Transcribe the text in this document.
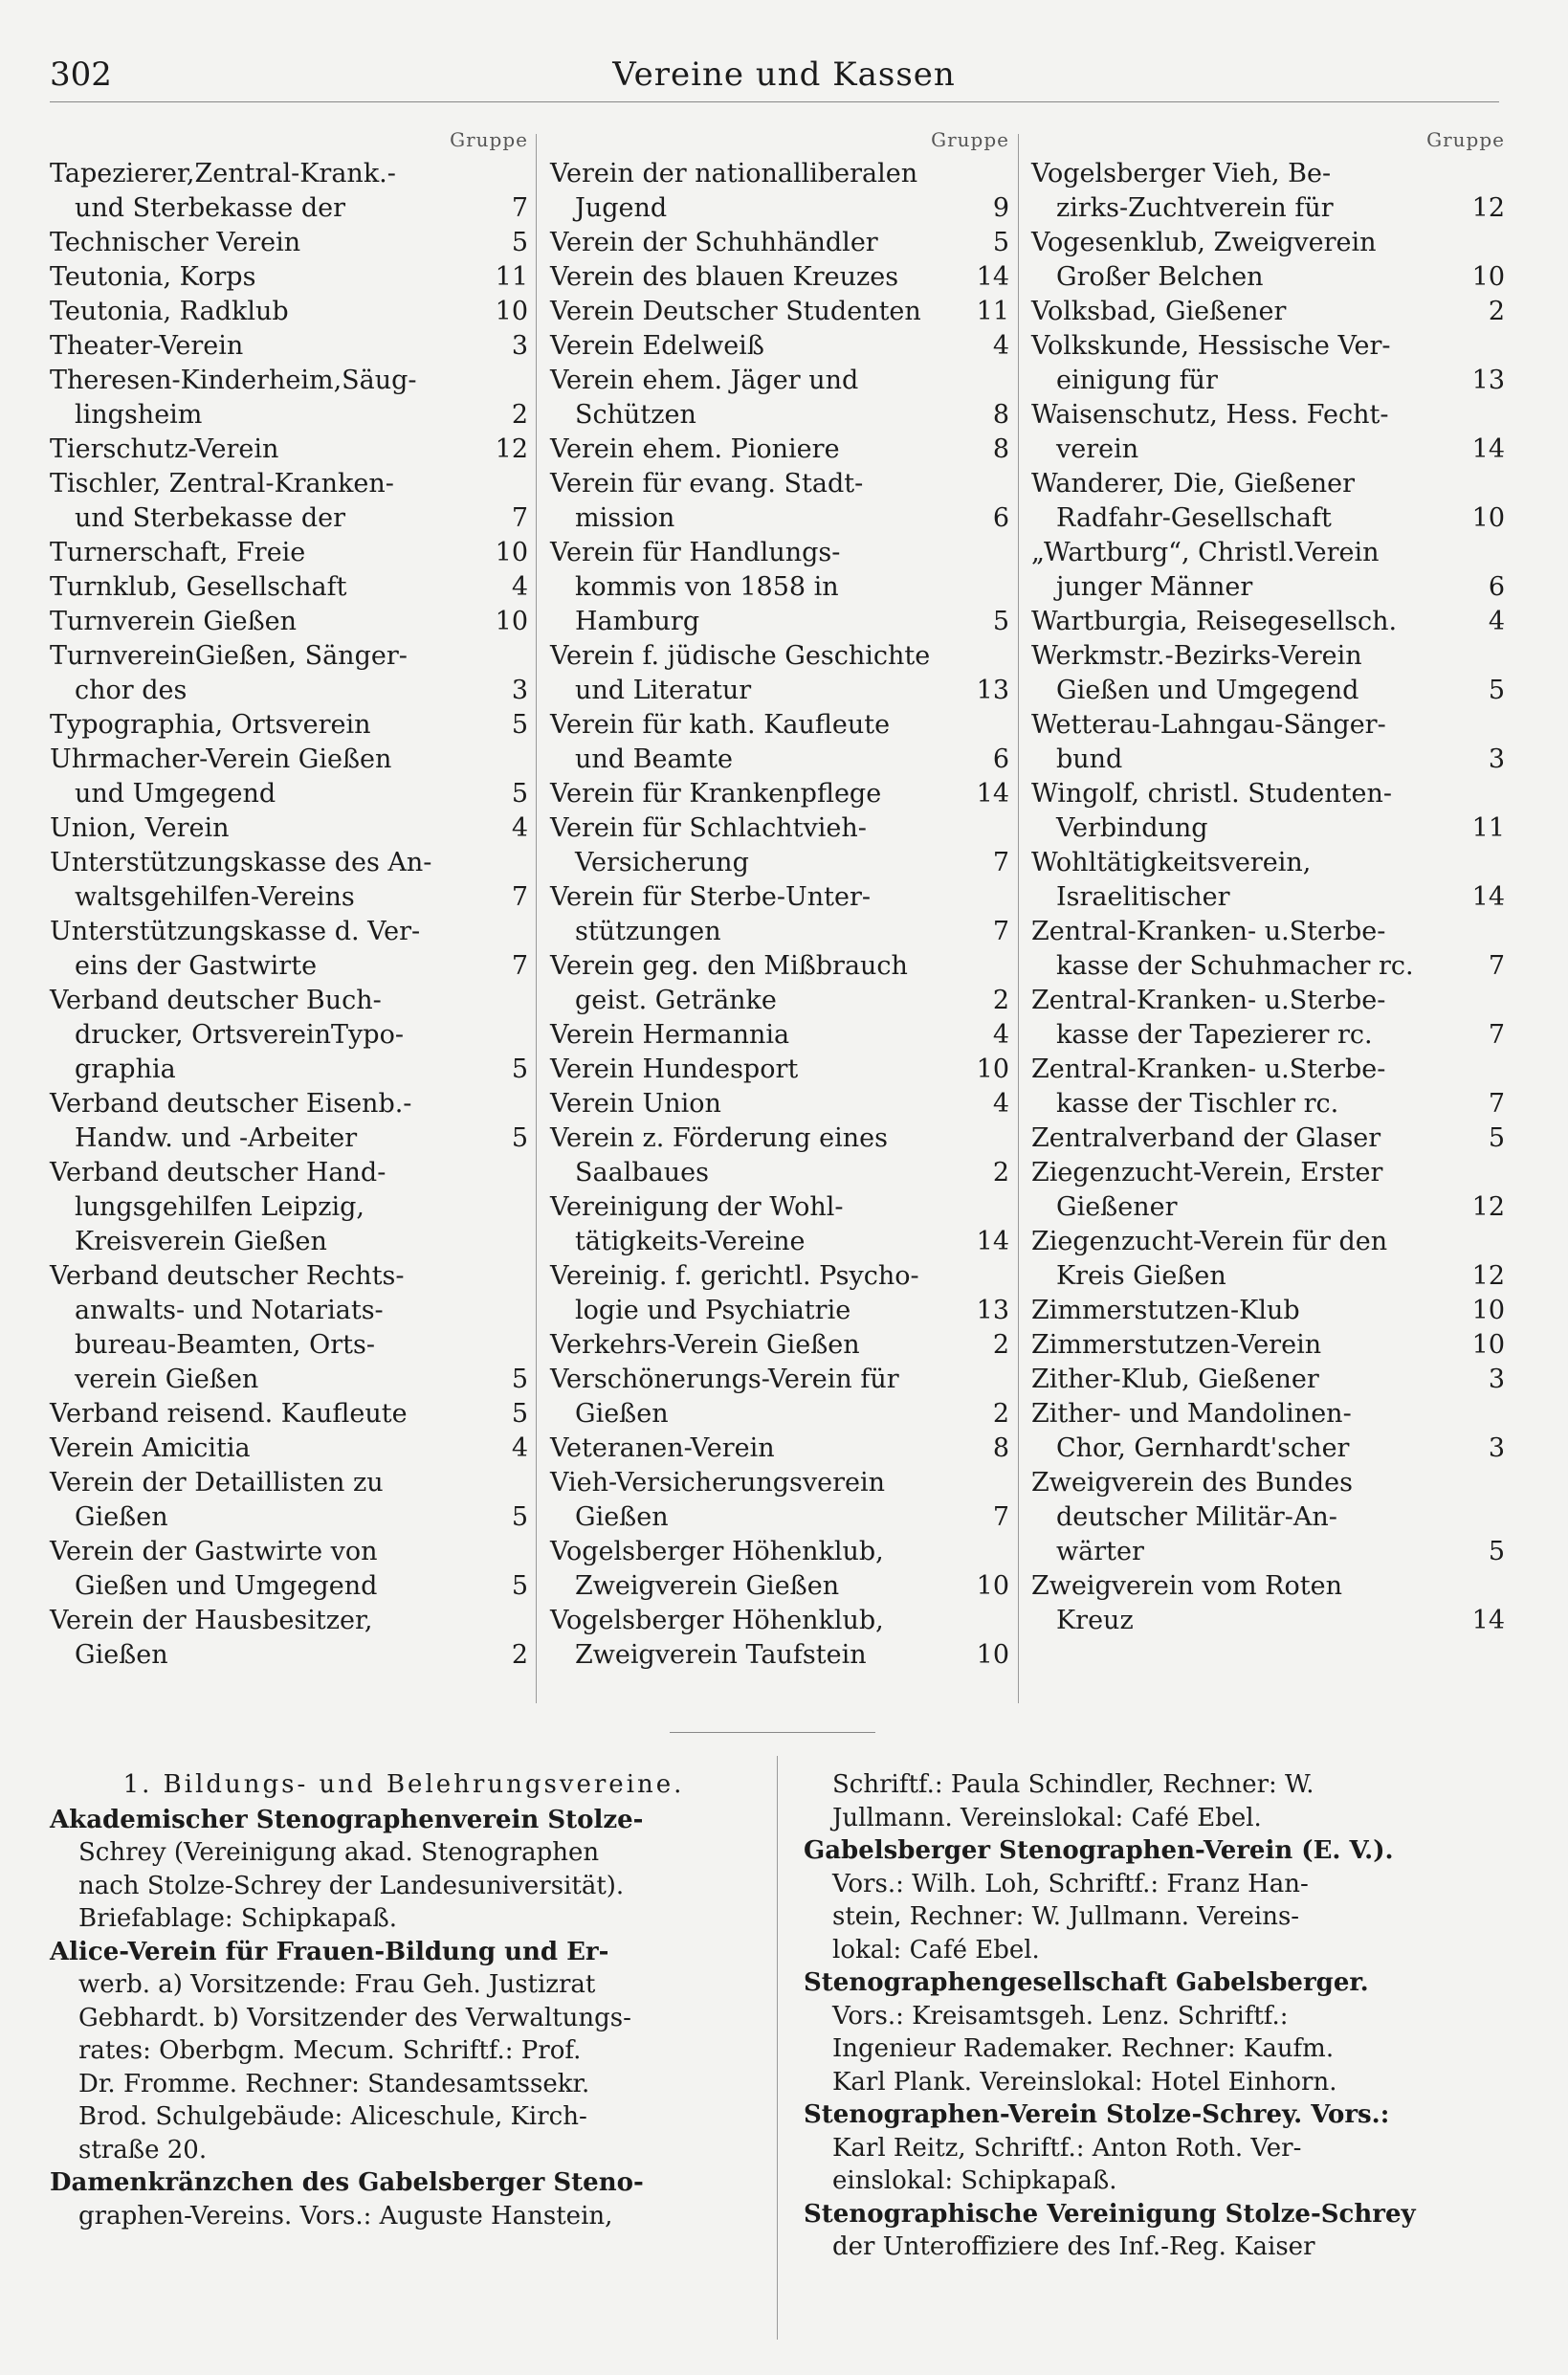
302	Vereine und Kassen
Gruppe
Tapezierer,Zentral-Krank.-
und Sterbekasse der	7
Technischer Verein	5
Teutonia, Korps	11
Teutonia, Radklub	10
Theater-Verein	3
Theresen-Kinderheim,Säug-
lingsheim	2
Tierschutz-Verein	12
Tischler, Zentral-Kranken-
und Sterbekasse der	7
Turnerschaft, Freie	10
Turnklub, Gesellschaft	4
Turnverein Gießen	10
TurnvereinGießen, Sänger-
chor des	3
Typographia, Ortsverein	5
Uhrmacher-Verein Gießen
und Umgegend	5
Union, Verein	4
Unterstützungskasse des An-
waltsgehilfen-Vereins	7
Unterstützungskasse d. Ver-
eins der Gastwirte	7
Verband deutscher Buch-
drucker, OrtsvereinTypo-
graphia	5
Verband deutscher Eisenb.-
Handw. und -Arbeiter	5
Verband deutscher Hand-
lungsgehilfen Leipzig,
Kreisverein Gießen
Verband deutscher Rechts-
anwalts- und Notariats-
bureau-Beamten, Orts-
verein Gießen	5
Verband reisend. Kaufleute	5
Verein Amicitia	4
Verein der Detaillisten zu
Gießen	5
Verein der Gastwirte von
Gießen und Umgegend	5
Verein der Hausbesitzer,
Gießen	2
Gruppe
Verein der nationalliberalen
Jugend	9
Verein der Schuhhändler	5
Verein des blauen Kreuzes	14
Verein Deutscher Studenten	11
Verein Edelweiß	4
Verein ehem. Jäger und
Schützen	8
Verein ehem. Pioniere	8
Verein für evang. Stadt-
mission	6
Verein für Handlungs-
kommis von 1858 in
Hamburg	5
Verein f. jüdische Geschichte
und Literatur	13
Verein für kath. Kaufleute
und Beamte	6
Verein für Krankenpflege	14
Verein für Schlachtvieh-
Versicherung	7
Verein für Sterbe-Unter-
stützungen	7
Verein geg. den Mißbrauch
geist. Getränke	2
Verein Hermannia	4
Verein Hundesport	10
Verein Union	4
Verein z. Förderung eines
Saalbaues	2
Vereinigung der Wohl-
tätigkeits-Vereine	14
Vereinig. f. gerichtl. Psycho-
logie und Psychiatrie	13
Verkehrs-Verein Gießen	2
Verschönerungs-Verein für
Gießen	2
Veteranen-Verein	8
Vieh-Versicherungsverein
Gießen	7
Vogelsberger Höhenklub,
Zweigverein Gießen	10
Vogelsberger Höhenklub,
Zweigverein Taufstein	10
Gruppe
Vogelsberger Vieh, Be-
zirks-Zuchtverein für	12
Vogesenklub, Zweigverein
Großer Belchen	10
Volksbad, Gießener	2
Volkskunde, Hessische Ver-
einigung für	13
Waisenschutz, Hess. Fecht-
verein	14
Wanderer, Die, Gießener
Radfahr-Gesellschaft	10
„Wartburg“, Christl.Verein
junger Männer	6
Wartburgia, Reisegesellsch.	4
Werkmstr.-Bezirks-Verein
Gießen und Umgegend	5
Wetterau-Lahngau-Sänger-
bund	3
Wingolf, christl. Studenten-
Verbindung	11
Wohltätigkeitsverein,
Israelitischer	14
Zentral-Kranken- u.Sterbe-
kasse der Schuhmacher rc.	7
Zentral-Kranken- u.Sterbe-
kasse der Tapezierer rc.	7
Zentral-Kranken- u.Sterbe-
kasse der Tischler rc.	7
Zentralverband der Glaser	5
Ziegenzucht-Verein, Erster
Gießener	12
Ziegenzucht-Verein für den
Kreis Gießen	12
Zimmerstutzen-Klub	10
Zimmerstutzen-Verein	10
Zither-Klub, Gießener	3
Zither- und Mandolinen-
Chor, Gernhardt'scher	3
Zweigverein des Bundes
deutscher Militär-An-
wärter	5
Zweigverein vom Roten
Kreuz	14
1. Bildungs- und Belehrungsvereine.
Akademischer Stenographenverein Stolze-
Schrey (Vereinigung akad. Stenographen
nach Stolze-Schrey der Landesuniversität).
Briefablage: Schipkapaß.
Alice-Verein für Frauen-Bildung und Er-
werb. a) Vorsitzende: Frau Geh. Justizrat
Gebhardt. b) Vorsitzender des Verwaltungs-
rates: Oberbgm. Mecum. Schriftf.: Prof.
Dr. Fromme. Rechner: Standesamtssekr.
Brod. Schulgebäude: Aliceschule, Kirch-
straße 20.
Damenkränzchen des Gabelsberger Steno-
graphen-Vereins. Vors.: Auguste Hanstein,
Schriftf.: Paula Schindler, Rechner: W.
Jullmann. Vereinslokal: Café Ebel.
Gabelsberger Stenographen-Verein (E. V.).
Vors.: Wilh. Loh, Schriftf.: Franz Han-
stein, Rechner: W. Jullmann. Vereins-
lokal: Café Ebel.
Stenographengesellschaft Gabelsberger.
Vors.: Kreisamtsgeh. Lenz. Schriftf.:
Ingenieur Rademaker. Rechner: Kaufm.
Karl Plank. Vereinslokal: Hotel Einhorn.
Stenographen-Verein Stolze-Schrey. Vors.:
Karl Reitz, Schriftf.: Anton Roth. Ver-
einslokal: Schipkapaß.
Stenographische Vereinigung Stolze-Schrey
der Unteroffiziere des Inf.-Reg. Kaiser
